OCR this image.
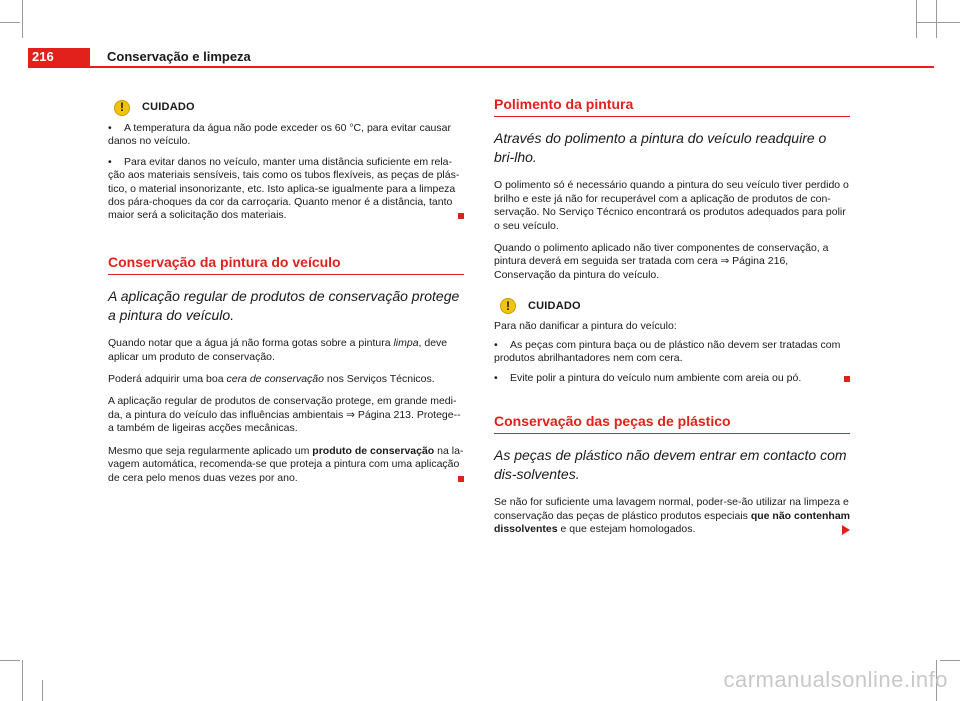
216	Conservação e limpeza
!	CUIDADO

• A temperatura da água não pode exceder os 60 °C, para evitar causar danos no veículo.

• Para evitar danos no veículo, manter uma distância suficiente em rela-ção aos materiais sensíveis, tais como os tubos flexíveis, as peças de plás-tico, o material insonorizante, etc. Isto aplica-se igualmente para a limpeza dos pára-choques da cor da carroçaria. Quanto menor é a distância, tanto maior será a solicitação dos materiais.

Conservação da pintura do veículo

A aplicação regular de produtos de conservação protege a pintura do veículo.

Quando notar que a água já não forma gotas sobre a pintura limpa, deve aplicar um produto de conservação.

Poderá adquirir uma boa cera de conservação nos Serviços Técnicos.

A aplicação regular de produtos de conservação protege, em grande medi-da, a pintura do veículo das influências ambientais ⇒ Página 213. Protege--a também de ligeiras acções mecânicas.

Mesmo que seja regularmente aplicado um produto de conservação na la-vagem automática, recomenda-se que proteja a pintura com uma aplicação de cera pelo menos duas vezes por ano.

Polimento da pintura

Através do polimento a pintura do veículo readquire o bri-lho.

O polimento só é necessário quando a pintura do seu veículo tiver perdido o brilho e este já não for recuperável com a aplicação de produtos de con-servação. No Serviço Técnico encontrará os produtos adequados para polir o seu veículo.

Quando o polimento aplicado não tiver componentes de conservação, a pintura deverá em seguida ser tratada com cera ⇒ Página 216, Conservação da pintura do veículo.

!	CUIDADO

Para não danificar a pintura do veículo:

• As peças com pintura baça ou de plástico não devem ser tratadas com produtos abrilhantadores nem com cera.

• Evite polir a pintura do veículo num ambiente com areia ou pó.

Conservação das peças de plástico

As peças de plástico não devem entrar em contacto com dis-solventes.

Se não for suficiente uma lavagem normal, poder-se-ão utilizar na limpeza e conservação das peças de plástico produtos especiais que não contenham dissolventes e que estejam homologados.

carmanualsonline.info
